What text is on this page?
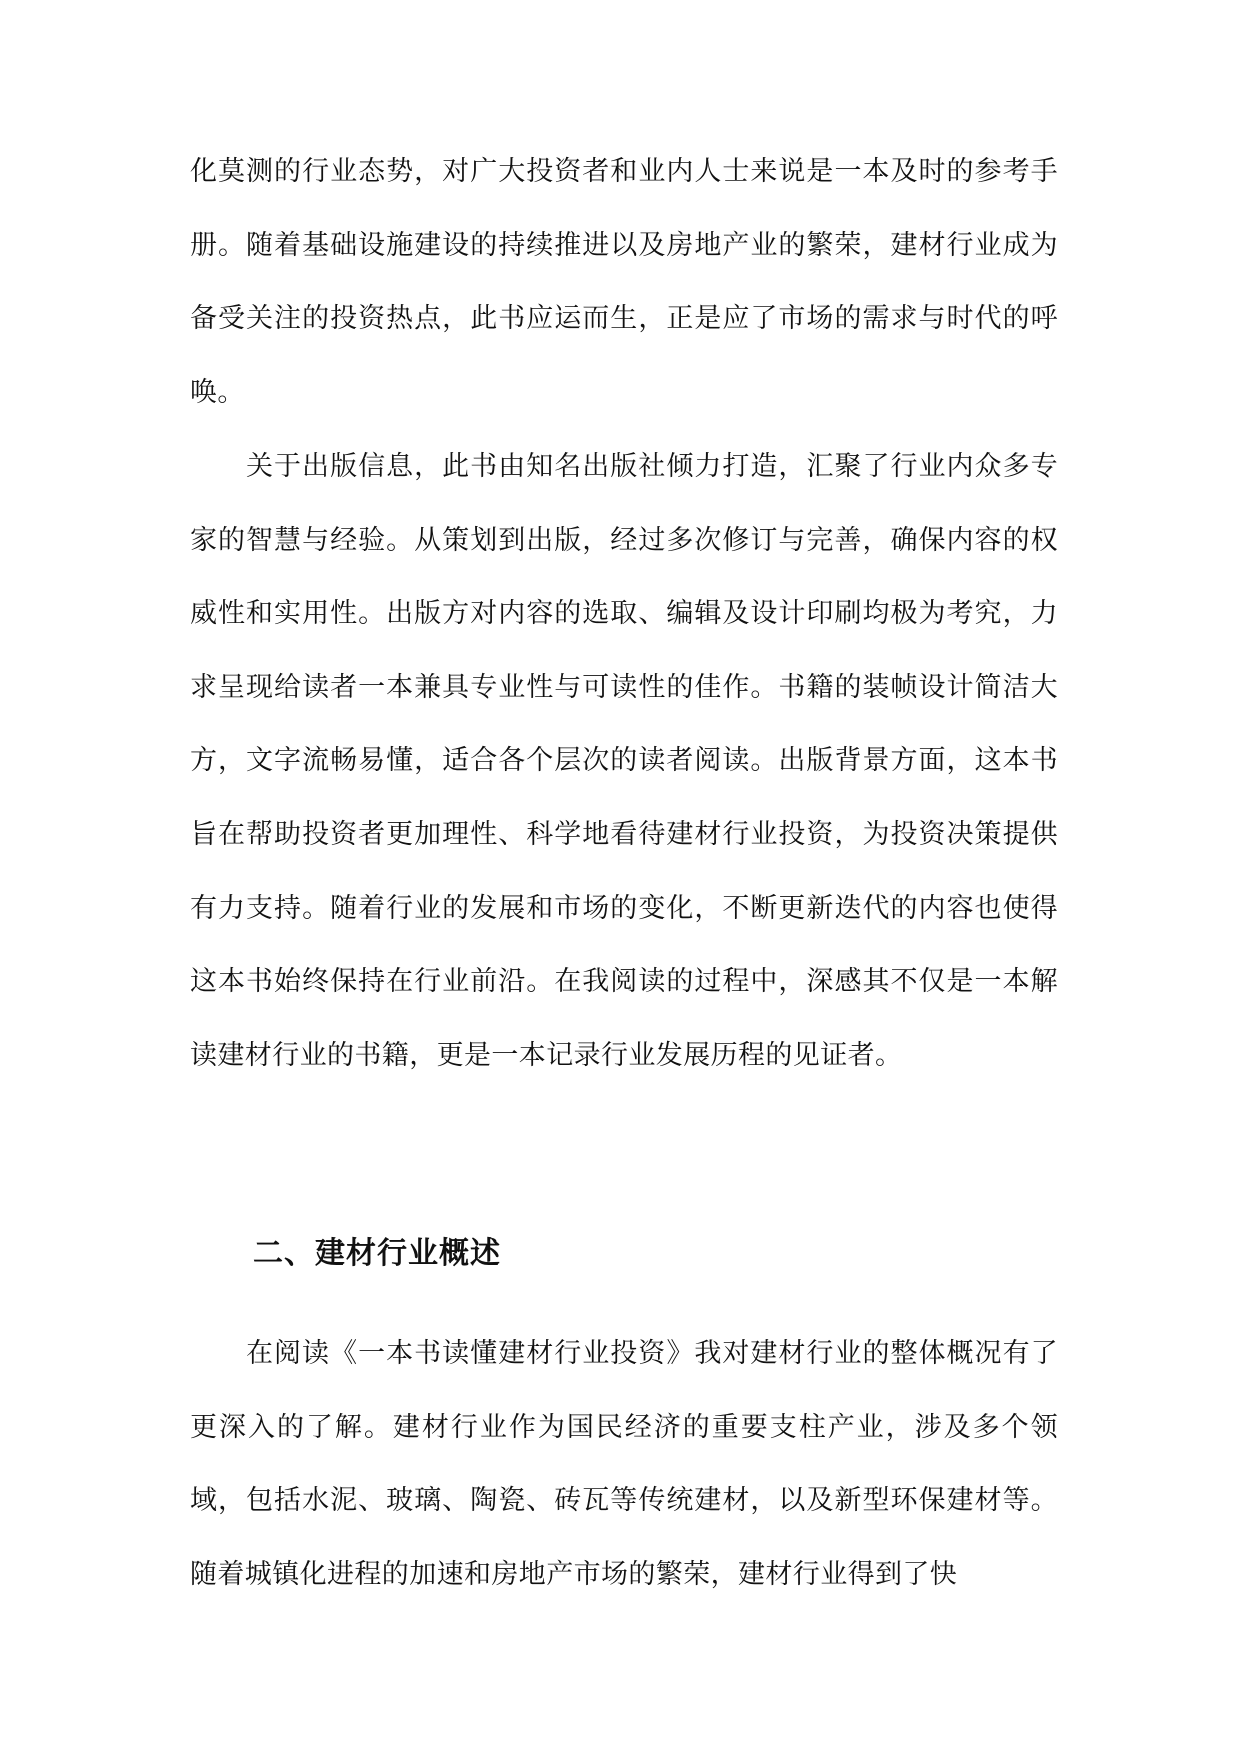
化莫测的行业态势，对广大投资者和业内人士来说是一本及时的参考手册。随着基础设施建设的持续推进以及房地产业的繁荣，建材行业成为备受关注的投资热点，此书应运而生，正是应了市场的需求与时代的呼唤。

关于出版信息，此书由知名出版社倾力打造，汇聚了行业内众多专家的智慧与经验。从策划到出版，经过多次修订与完善，确保内容的权威性和实用性。出版方对内容的选取、编辑及设计印刷均极为考究，力求呈现给读者一本兼具专业性与可读性的佳作。书籍的装帧设计简洁大方，文字流畅易懂，适合各个层次的读者阅读。出版背景方面，这本书旨在帮助投资者更加理性、科学地看待建材行业投资，为投资决策提供有力支持。随着行业的发展和市场的变化，不断更新迭代的内容也使得这本书始终保持在行业前沿。在我阅读的过程中，深感其不仅是一本解读建材行业的书籍，更是一本记录行业发展历程的见证者。

二、建材行业概述

在阅读《一本书读懂建材行业投资》我对建材行业的整体概况有了更深入的了解。建材行业作为国民经济的重要支柱产业，涉及多个领域，包括水泥、玻璃、陶瓷、砖瓦等传统建材，以及新型环保建材等。随着城镇化进程的加速和房地产市场的繁荣，建材行业得到了快
